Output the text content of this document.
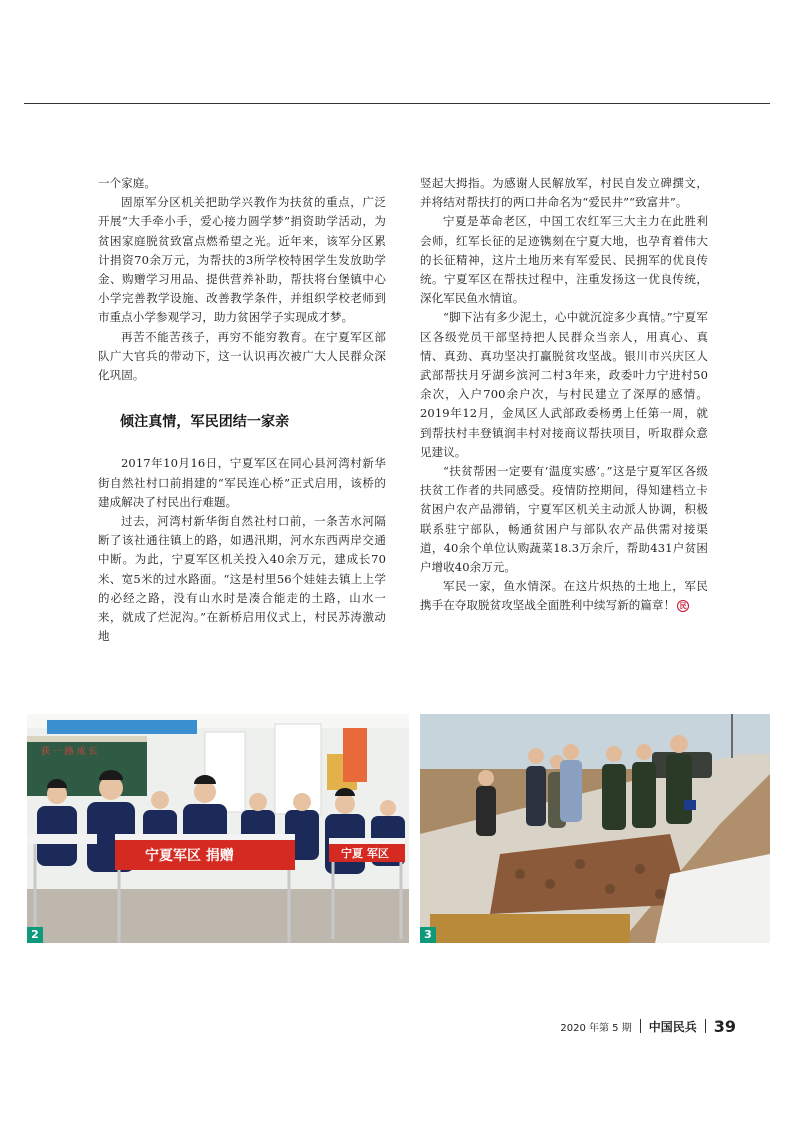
一个家庭。

固原军分区机关把助学兴教作为扶贫的重点，广泛开展“大手牵小手，爱心接力圆学梦”捐资助学活动，为贫困家庭脱贫致富点燃希望之光。近年来，该军分区累计捐资70余万元，为帮扶的3所学校特困学生发放助学金、购赠学习用品、提供营养补助，帮扶将台堡镇中心小学完善教学设施、改善教学条件，并组织学校老师到市重点小学参观学习，助力贫困学子实现成才梦。

再苦不能苦孩子，再穷不能穷教育。在宁夏军区部队广大官兵的带动下，这一认识再次被广大人民群众深化巩固。

倾注真情，军民团结一家亲

2017年10月16日，宁夏军区在同心县河湾村新华街自然社村口前捐建的“军民连心桥”正式启用，该桥的建成解决了村民出行难题。

过去，河湾村新华街自然社村口前，一条苦水河隔断了该社通往镇上的路，如遇汛期，河水东西两岸交通中断。为此，宁夏军区机关投入40余万元，建成长70米、宽5米的过水路面。“这是村里56个娃娃去镇上上学的必经之路，没有山水时是凑合能走的土路，山水一来，就成了烂泥沟。”在新桥启用仪式上，村民苏涛激动地

竖起大拇指。为感谢人民解放军，村民自发立碑撰文，并将结对帮扶打的两口井命名为“爱民井”“致富井”。

宁夏是革命老区，中国工农红军三大主力在此胜利会师，红军长征的足迹镌刻在宁夏大地，也孕育着伟大的长征精神，这片土地历来有军爱民、民拥军的优良传统。宁夏军区在帮扶过程中，注重发扬这一优良传统，深化军民鱼水情谊。

“脚下沾有多少泥土，心中就沉淀多少真情。”宁夏军区各级党员干部坚持把人民群众当亲人，用真心、真情、真劲、真功坚决打赢脱贫攻坚战。银川市兴庆区人武部帮扶月牙湖乡滨河二村3年来，政委叶力宁进村50余次，入户700余户次，与村民建立了深厚的感情。2019年12月，金凤区人武部政委杨勇上任第一周，就到帮扶村丰登镇润丰村对接商议帮扶项目，听取群众意见建议。

“扶贫帮困一定要有‘温度实感’。”这是宁夏军区各级扶贫工作者的共同感受。疫情防控期间，得知建档立卡贫困户农产品滞销，宁夏军区机关主动派人协调，积极联系驻宁部队，畅通贫困户与部队农产品供需对接渠道，40余个单位认购蔬菜18.3万余斤，帮助431户贫困户增收40余万元。

军民一家，鱼水情深。在这片炽热的土地上，军民携手在夺取脱贫攻坚战全面胜利中续写新的篇章！ 民

获 一 路 成 长
宁夏军区 捐赠	宁夏 军区
2	3
2020 年第 5 期 中国民兵 39
